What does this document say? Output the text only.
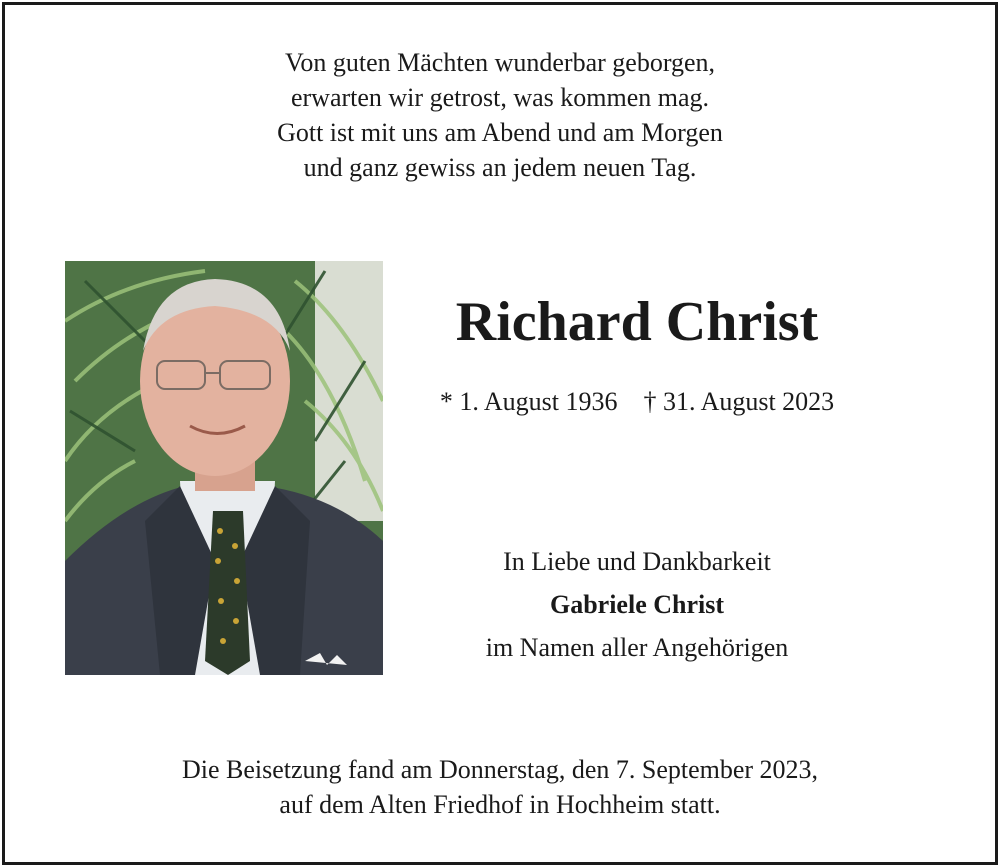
Von guten Mächten wunderbar geborgen,
erwarten wir getrost, was kommen mag.
Gott ist mit uns am Abend und am Morgen
und ganz gewiss an jedem neuen Tag.
Richard Christ
* 1. August 1936 † 31. August 2023
In Liebe und Dankbarkeit
Gabriele Christ
im Namen aller Angehörigen
Die Beisetzung fand am Donnerstag, den 7. September 2023,
auf dem Alten Friedhof in Hochheim statt.
